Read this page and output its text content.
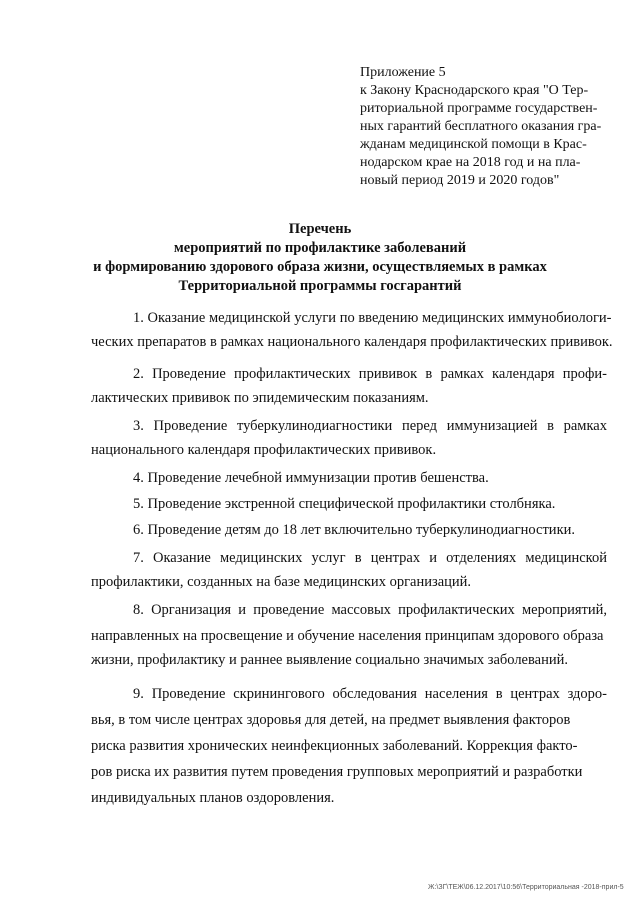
Приложение 5
к Закону Краснодарского края "О Тер-
риториальной программе государствен-
ных гарантий бесплатного оказания гра-
жданам медицинской помощи в Крас-
нодарском крае на 2018 год и на пла-
новый период 2019 и 2020 годов"
Перечень
мероприятий по профилактике заболеваний
и формированию здорового образа жизни, осуществляемых в рамках
Территориальной программы госгарантий
1. Оказание медицинской услуги по введению медицинских иммунобиологи-
ческих препаратов в рамках национального календаря профилактических прививок.
2. Проведение профилактических прививок в рамках календаря профи-
лактических прививок по эпидемическим показаниям.
3. Проведение туберкулинодиагностики перед иммунизацией в рамках
национального календаря профилактических прививок.
4. Проведение лечебной иммунизации против бешенства.
5. Проведение экстренной специфической профилактики столбняка.
6. Проведение детям до 18 лет включительно туберкулинодиагностики.
7. Оказание медицинских услуг в центрах и отделениях медицинской
профилактики, созданных на базе медицинских организаций.
8. Организация и проведение массовых профилактических мероприятий,
направленных на просвещение и обучение населения принципам здорового образа
жизни, профилактику и раннее выявление социально значимых заболеваний.
9. Проведение скринингового обследования населения в центрах здоро-
вья, в том числе центрах здоровья для детей, на предмет выявления факторов
риска развития хронических неинфекционных заболеваний. Коррекция факто-
ров риска их развития путем проведения групповых мероприятий и разработки
индивидуальных планов оздоровления.
Ж:\ЗГ\ТЕЖ\06.12.2017\10:56\Территориальная -2018-прил-5
